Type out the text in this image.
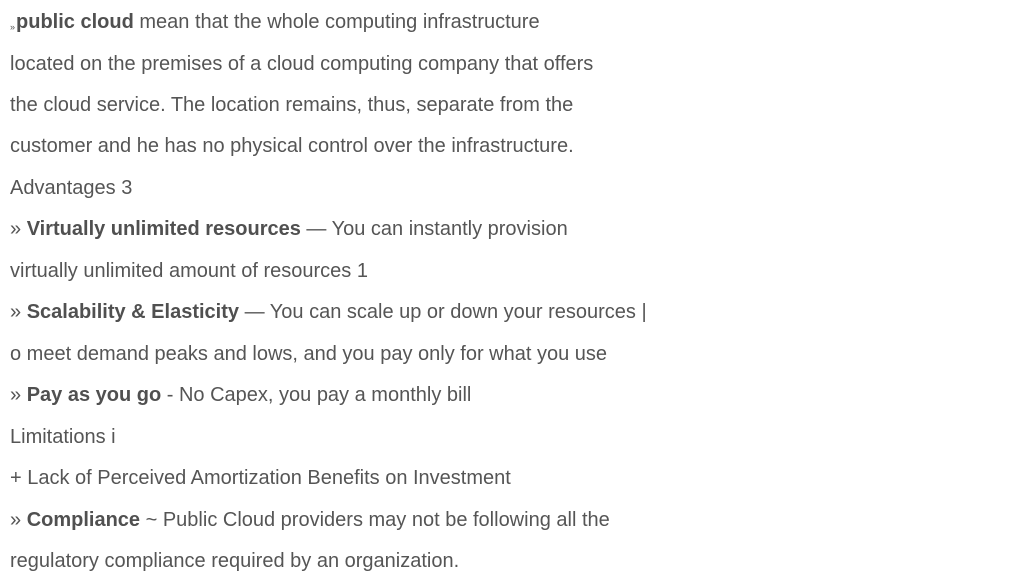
»public cloud mean that the whole computing infrastructure
located on the premises of a cloud computing company that offers
the cloud service. The location remains, thus, separate from the
customer and he has no physical control over the infrastructure.
Advantages 3
» Virtually unlimited resources — You can instantly provision
virtually unlimited amount of resources 1
» Scalability & Elasticity — You can scale up or down your resources |
o meet demand peaks and lows, and you pay only for what you use
» Pay as you go - No Capex, you pay a monthly bill
Limitations i
+ Lack of Perceived Amortization Benefits on Investment
» Compliance ~ Public Cloud providers may not be following all the
regulatory compliance required by an organization.
